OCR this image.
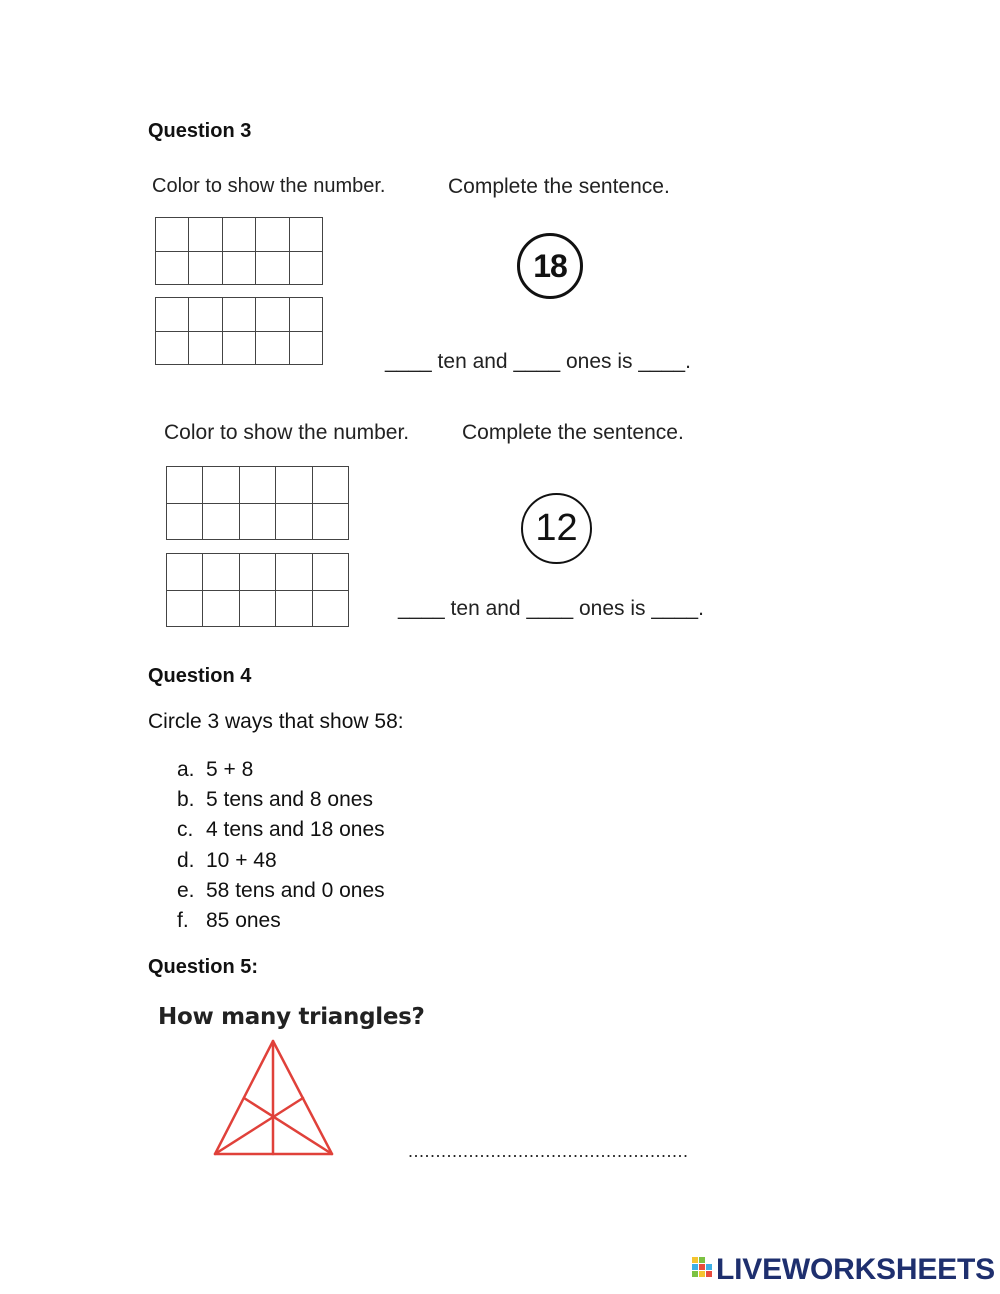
Question 3
Color to show the number.	Complete the sentence.
18
____ ten and ____ ones is ____.
Color to show the number.	Complete the sentence.
12
____ ten and ____ ones is ____.
Question 4
Circle 3 ways that show 58:
a. 5 + 8
b. 5 tens and 8 ones
c. 4 tens and 18 ones
d. 10 + 48
e. 58 tens and 0 ones
f. 85 ones
Question 5:
How many triangles?
...................................................
LIVEWORKSHEETS
